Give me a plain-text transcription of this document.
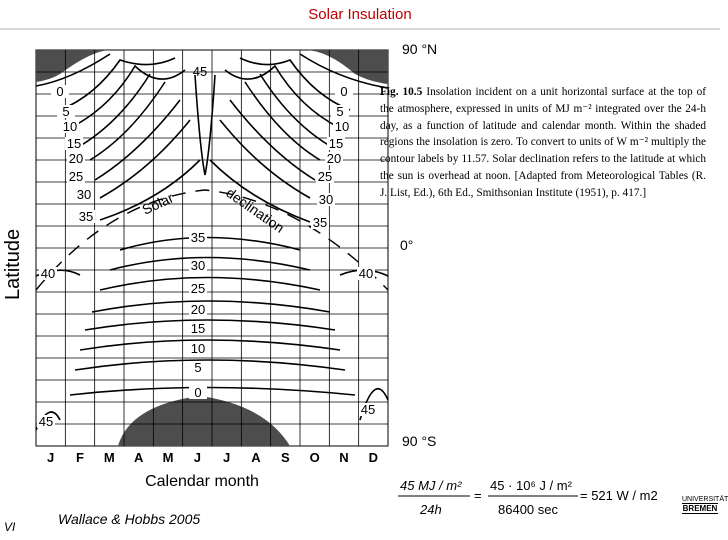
Solar Insulation
J F M A M J J A S O N D
0
5
10
15
20
25
30
35
40
45
0
5
10
15
20
25
30
35
40
45
35
30
25
20
15
10
5
0
Calendar month
90 °N
0°
90 °S
Solar	declination
45
Latitude
Fig. 10.5 Insolation incident on a unit horizontal surface at the top of the atmosphere, expressed in units of MJ m⁻² integrated over the 24-h day, as a function of latitude and calendar month. Within the shaded regions the insolation is zero. To convert to units of W m⁻² multiply the contour labels by 11.57. Solar declination refers to the latitude at which the sun is overhead at noon. [Adapted from Meteorological Tables (R. J. List, Ed.), 6th Ed., Smithsonian Institute (1951), p. 417.]
45 MJ / m²
24h
=
45 · 10⁶ J / m²
86400 sec
= 521 W / m2
VI	Wallace & Hobbs 2005
UNIVERSITÄT
BREMEN
